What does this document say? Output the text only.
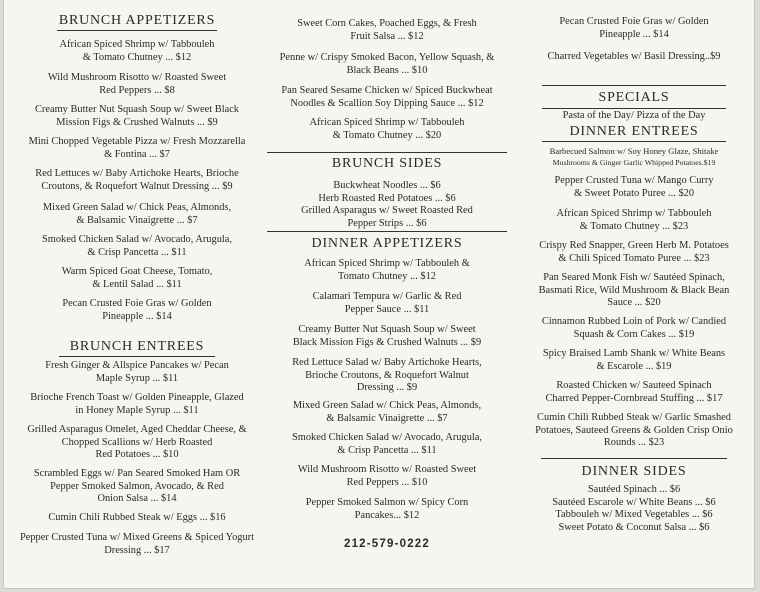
BRUNCH APPETIZERS
African Spiced Shrimp w/ Tabbouleh
& Tomato Chutney ... $12
Wild Mushroom Risotto w/ Roasted Sweet
Red Peppers ... $8
Creamy Butter Nut Squash Soup w/ Sweet Black
Mission Figs & Crushed Walnuts ... $9
Mini Chopped Vegetable Pizza w/ Fresh Mozzarella
& Fontina ... $7
Red Lettuces w/ Baby Artichoke Hearts, Brioche
Croutons, & Roquefort Walnut Dressing ... $9
Mixed Green Salad w/ Chick Peas, Almonds,
& Balsamic Vinaigrette ... $7
Smoked Chicken Salad w/ Avocado, Arugula,
& Crisp Pancetta ... $11
Warm Spiced Goat Cheese, Tomato,
& Lentil Salad ... $11
Pecan Crusted Foie Gras w/ Golden
Pineapple ... $14
BRUNCH ENTREES
Fresh Ginger & Allspice Pancakes w/ Pecan
Maple Syrup ... $11
Brioche French Toast w/ Golden Pineapple, Glazed
in Honey Maple Syrup ... $11
Grilled Asparagus Omelet, Aged Cheddar Cheese, &
Chopped Scallions w/ Herb Roasted
Red Potatoes ... $10
Scrambled Eggs w/ Pan Seared Smoked Ham OR
Pepper Smoked Salmon, Avocado, & Red
Onion Salsa ... $14
Cumin Chili Rubbed Steak w/ Eggs ... $16
Pepper Crusted Tuna w/ Mixed Greens & Spiced Yogurt
Dressing ... $17
Sweet Corn Cakes, Poached Eggs, & Fresh
Fruit Salsa ... $12
Penne w/ Crispy Smoked Bacon, Yellow Squash, &
Black Beans ... $10
Pan Seared Sesame Chicken w/ Spiced Buckwheat
Noodles & Scallion Soy Dipping Sauce ... $12
African Spiced Shrimp w/ Tabbouleh
& Tomato Chutney ... $20
BRUNCH SIDES
Buckwheat Noodles ... $6
Herb Roasted Red Potatoes ... $6
Grilled Asparagus w/ Sweet Roasted Red
Pepper Strips ... $6
DINNER APPETIZERS
African Spiced Shrimp w/ Tabbouleh &
Tomato Chutney ... $12
Calamari Tempura w/ Garlic & Red
Pepper Sauce ... $11
Creamy Butter Nut Squash Soup w/ Sweet
Black Mission Figs & Crushed Walnuts ... $9
Red Lettuce Salad w/ Baby Artichoke Hearts,
Brioche Croutons, & Roquefort Walnut
Dressing ... $9
Mixed Green Salad w/ Chick Peas, Almonds,
& Balsamic Vinaigrette ... $7
Smoked Chicken Salad w/ Avocado, Arugula,
& Crisp Pancetta ... $11
Wild Mushroom Risotto w/ Roasted Sweet
Red Peppers ... $10
Pepper Smoked Salmon w/ Spicy Corn
Pancakes... $12
212-579-0222
Pecan Crusted Foie Gras w/ Golden
Pineapple ... $14
Charred Vegetables w/ Basil Dressing..$9
SPECIALS
Pasta of the Day/ Pizza of the Day
DINNER ENTREES
Barbecued Salmon w/ Soy Honey Glaze, Shitake
Mushrooms & Ginger Garlic Whipped Potatoes.$19
Pepper Crusted Tuna w/ Mango Curry
& Sweet Potato Puree ... $20
African Spiced Shrimp w/ Tabbouleh
& Tomato Chutney ... $23
Crispy Red Snapper, Green Herb M. Potatoes
& Chili Spiced Tomato Puree ... $23
Pan Seared Monk Fish w/ Sautéed Spinach,
Basmati Rice, Wild Mushroom & Black Bean
Sauce ... $20
Cinnamon Rubbed Loin of Pork w/ Candied
Squash & Corn Cakes ... $19
Spicy Braised Lamb Shank w/ White Beans
& Escarole ... $19
Roasted Chicken w/ Sauteed Spinach
Charred Pepper-Cornbread Stuffing ... $17
Cumin Chili Rubbed Steak w/ Garlic Smashed
Potatoes, Sauteed Greens & Golden Crisp Onio
Rounds ... $23
DINNER SIDES
Sautéed Spinach ... $6
Sautéed Escarole w/ White Beans ... $6
Tabbouleh w/ Mixed Vegetables ... $6
Sweet Potato & Coconut Salsa ... $6
